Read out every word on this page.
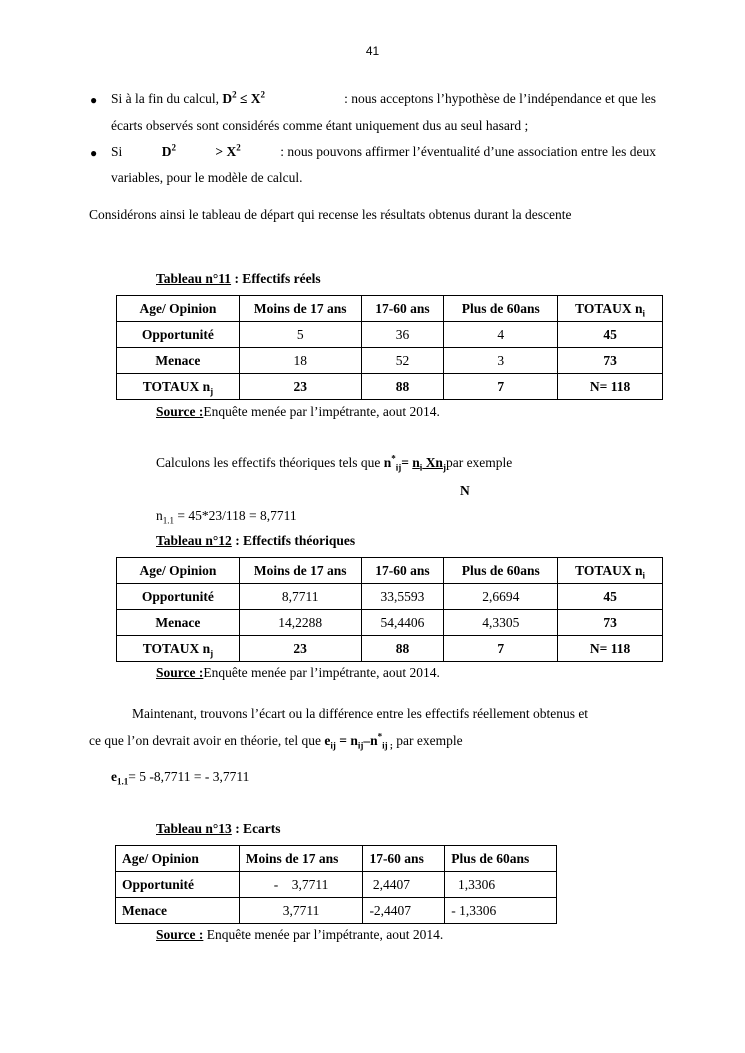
41
● Si à la fin du calcul, $D^2 \le X^2$	: nous acceptons l’hypothèse de l’indépendance et que les
écarts observés sont considérés comme étant uniquement dus au seul hasard ;
● Si	$D^2$	> $X^2$	: nous pouvons affirmer l’éventualité d’une association entre les deux
variables, pour le modèle de calcul.
Considérons ainsi le tableau de départ qui recense les résultats obtenus durant la descente
Tableau n°11 : Effectifs réels
Age/ Opinion	Moins de 17 ans	17-60 ans	Plus de 60ans	TOTAUX $n_i$
Opportunité	5	36	4	45
Menace	18	52	3	73
TOTAUX $n_j$	23	88	7	N= 118
Source :Enquête menée par l’impétrante, aout 2014.
Calculons les effectifs théoriques tels que $n^*_{ij}= n_i$ $Xn_jpar$ exemple
N
$n_{1.1} = 45*23/118 = 8,7711$
Tableau n°12 : Effectifs théoriques
Age/ Opinion	Moins de 17 ans	17-60 ans	Plus de 60ans	TOTAUX $n_i$
Opportunité	8,7711	33,5593	2,6694	45
Menace	14,2288	54,4406	4,3305	73
TOTAUX $n_j$	23	88	7	N= 118
Source :Enquête menée par l’impétrante, aout 2014.
Maintenant, trouvons l’écart ou la différence entre les effectifs réellement obtenus et
ce que l’on devrait avoir en théorie, tel que $e_{ij} = n_{ij}-n^*_{ij ;}$ par exemple
$e_{1.1}= 5$ -8,7711 = - 3,7711
Tableau n°13 : Ecarts
Age/ Opinion	Moins de 17 ans	17-60 ans	Plus de 60ans
Opportunité	-    3,7711	2,4407	1,3306
Menace	3,7711	-2,4407	- 1,3306
Source : Enquête menée par l’impétrante, aout 2014.
